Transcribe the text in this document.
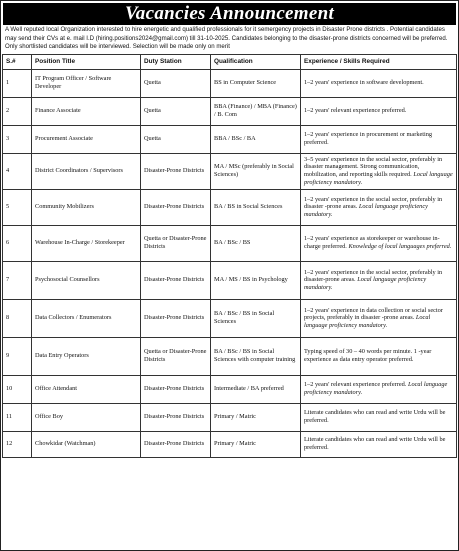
Vacancies Announcement
A Well reputed local Organization interested to hire energetic and qualified professionals for it semergency projects in Disaster Prone districts . Potential candidates may send their CVs at e. mail I.D (hiring.positions2024@gmail.com) till 31-10-2025. Candidates belonging to the disaster-prone districts concerned will be preferred. Only shortlisted candidates will be interviewed. Selection will be made only on merit
S.#	Position Title	Duty Station	Qualification	Experience / Skills Required
1	IT Program Officer / Software Developer	Quetta	BS in Computer Science	1–2 years' experience in software development.
2	Finance Associate	Quetta	BBA (Finance) / MBA (Finance) / B. Com	1–2 years' relevant experience preferred.
3	Procurement Associate	Quetta	BBA / BSc / BA	1–2 years' experience in procurement or marketing preferred.
4	District Coordinators / Supervisors	Disaster-Prone Districts	MA / MSc (preferably in Social Sciences)	3–5 years' experience in the social sector, preferably in disaster management. Strong communication, mobilization, and reporting skills required. Local language proficiency mandatory.
5	Community Mobilizers	Disaster-Prone Districts	BA / BS in Social Sciences	1–2 years' experience in the social sector, preferably in disaster -prone areas. Local language proficiency mandatory.
6	Warehouse In-Charge / Storekeeper	Quetta or Disaster-Prone Districts	BA / BSc / BS	1–2 years' experience as storekeeper or warehouse in-charge preferred. Knowledge of local languages preferred.
7	Psychosocial Counsellors	Disaster-Prone Districts	MA / MS / BS in Psychology	1–2 years' experience in the social sector, preferably in disaster-prone areas. Local language proficiency mandatory.
8	Data Collectors / Enumerators	Disaster-Prone Districts	BA / BSc / BS in Social Sciences	1–2 years' experience in data collection or social sector projects, preferably in disaster -prone areas. Local language proficiency mandatory.
9	Data Entry Operators	Quetta or Disaster-Prone Districts	BA / BSc / BS in Social Sciences with computer training	Typing speed of 30 – 40 words per minute. 1 -year experience as data entry operator preferred.
10	Office Attendant	Disaster-Prone Districts	Intermediate / BA preferred	1–2 years' relevant experience preferred. Local language proficiency mandatory.
11	Office Boy	Disaster-Prone Districts	Primary / Matric	Literate candidates who can read and write Urdu will be preferred.
12	Chowkidar (Watchman)	Disaster-Prone Districts	Primary / Matric	Literate candidates who can read and write Urdu will be preferred.
